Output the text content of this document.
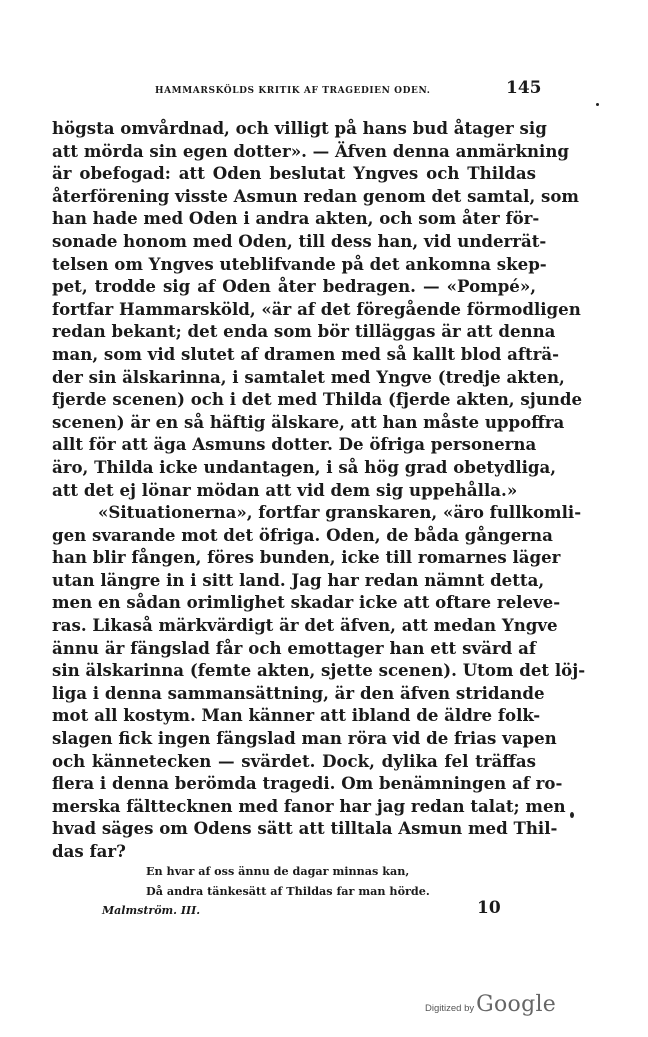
HAMMARSKÖLDS KRITIK AF TRAGEDIEN ODEN.	145
högsta omvårdnad, och villigt på hans bud åtager sig
att mörda sin egen dotter». — Äfven denna anmärkning
är obefogad: att Oden beslutat Yngves och Thildas
återförening visste Asmun redan genom det samtal, som
han hade med Oden i andra akten, och som åter för-
sonade honom med Oden, till dess han, vid underrät-
telsen om Yngves uteblifvande på det ankomna skep-
pet, trodde sig af Oden åter bedragen. — «Pompé»,
fortfar Hammarsköld, «är af det föregående förmodligen
redan bekant; det enda som bör tilläggas är att denna
man, som vid slutet af dramen med så kallt blod afträ-
der sin älskarinna, i samtalet med Yngve (tredje akten,
fjerde scenen) och i det med Thilda (fjerde akten, sjunde
scenen) är en så häftig älskare, att han måste uppoffra
allt för att äga Asmuns dotter. De öfriga personerna
äro, Thilda icke undantagen, i så hög grad obetydliga,
att det ej lönar mödan att vid dem sig uppehålla.»
«Situationerna», fortfar granskaren, «äro fullkomli-
gen svarande mot det öfriga. Oden, de båda gångerna
han blir fången, föres bunden, icke till romarnes läger
utan längre in i sitt land. Jag har redan nämnt detta,
men en sådan orimlighet skadar icke att oftare releve-
ras. Likaså märkvärdigt är det äfven, att medan Yngve
ännu är fängslad får och emottager han ett svärd af
sin älskarinna (femte akten, sjette scenen). Utom det löj-
liga i denna sammansättning, är den äfven stridande
mot all kostym. Man känner att ibland de äldre folk-
slagen fick ingen fängslad man röra vid de frias vapen
och kännetecken — svärdet. Dock, dylika fel träffas
flera i denna berömda tragedi. Om benämningen af ro-
merska fälttecknen med fanor har jag redan talat; men
hvad säges om Odens sätt att tilltala Asmun med Thil-
das far?
En hvar af oss ännu de dagar minnas kan,
Då andra tänkesätt af Thildas far man hörde.
Malmström. III.	10
Digitized by Google
